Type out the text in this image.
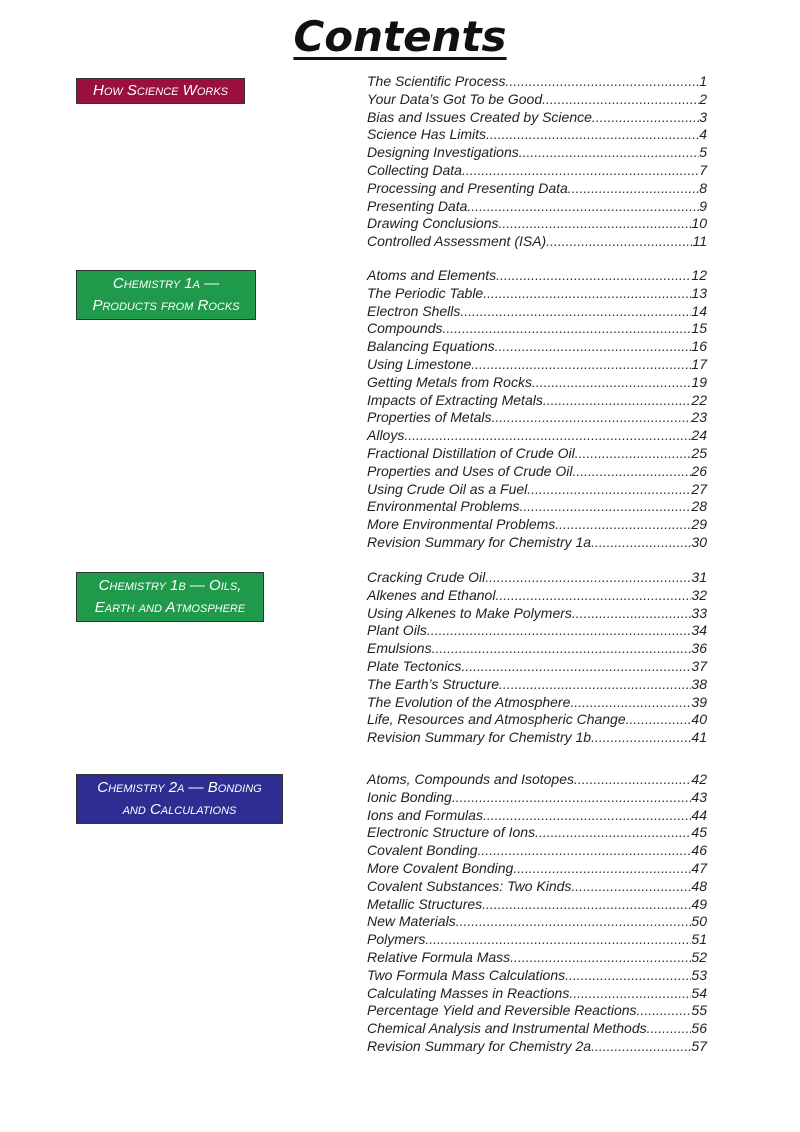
Contents
How Science Works
Chemistry 1a —
Products from Rocks
Chemistry 1b — Oils,
Earth and Atmosphere
Chemistry 2a — Bonding
and Calculations
The Scientific Process .....	1
Your Data’s Got To be Good .....	2
Bias and Issues Created by Science .....	3
Science Has Limits .....	4
Designing Investigations .....	5
Collecting Data .....	7
Processing and Presenting Data .....	8
Presenting Data .....	9
Drawing Conclusions .....	10
Controlled Assessment (ISA) .....	11
Atoms and Elements .....	12
The Periodic Table .....	13
Electron Shells .....	14
Compounds .....	15
Balancing Equations .....	16
Using Limestone .....	17
Getting Metals from Rocks .....	19
Impacts of Extracting Metals .....	22
Properties of Metals .....	23
Alloys .....	24
Fractional Distillation of Crude Oil .....	25
Properties and Uses of Crude Oil .....	26
Using Crude Oil as a Fuel .....	27
Environmental Problems .....	28
More Environmental Problems .....	29
Revision Summary for Chemistry 1a .....	30
Cracking Crude Oil .....	31
Alkenes and Ethanol .....	32
Using Alkenes to Make Polymers .....	33
Plant Oils .....	34
Emulsions .....	36
Plate Tectonics .....	37
The Earth’s Structure .....	38
The Evolution of the Atmosphere .....	39
Life, Resources and Atmospheric Change .....	40
Revision Summary for Chemistry 1b .....	41
Atoms, Compounds and Isotopes .....	42
Ionic Bonding .....	43
Ions and Formulas .....	44
Electronic Structure of Ions .....	45
Covalent Bonding .....	46
More Covalent Bonding .....	47
Covalent Substances: Two Kinds .....	48
Metallic Structures .....	49
New Materials .....	50
Polymers .....	51
Relative Formula Mass .....	52
Two Formula Mass Calculations .....	53
Calculating Masses in Reactions .....	54
Percentage Yield and Reversible Reactions .....	55
Chemical Analysis and Instrumental Methods .....	56
Revision Summary for Chemistry 2a .....	57
